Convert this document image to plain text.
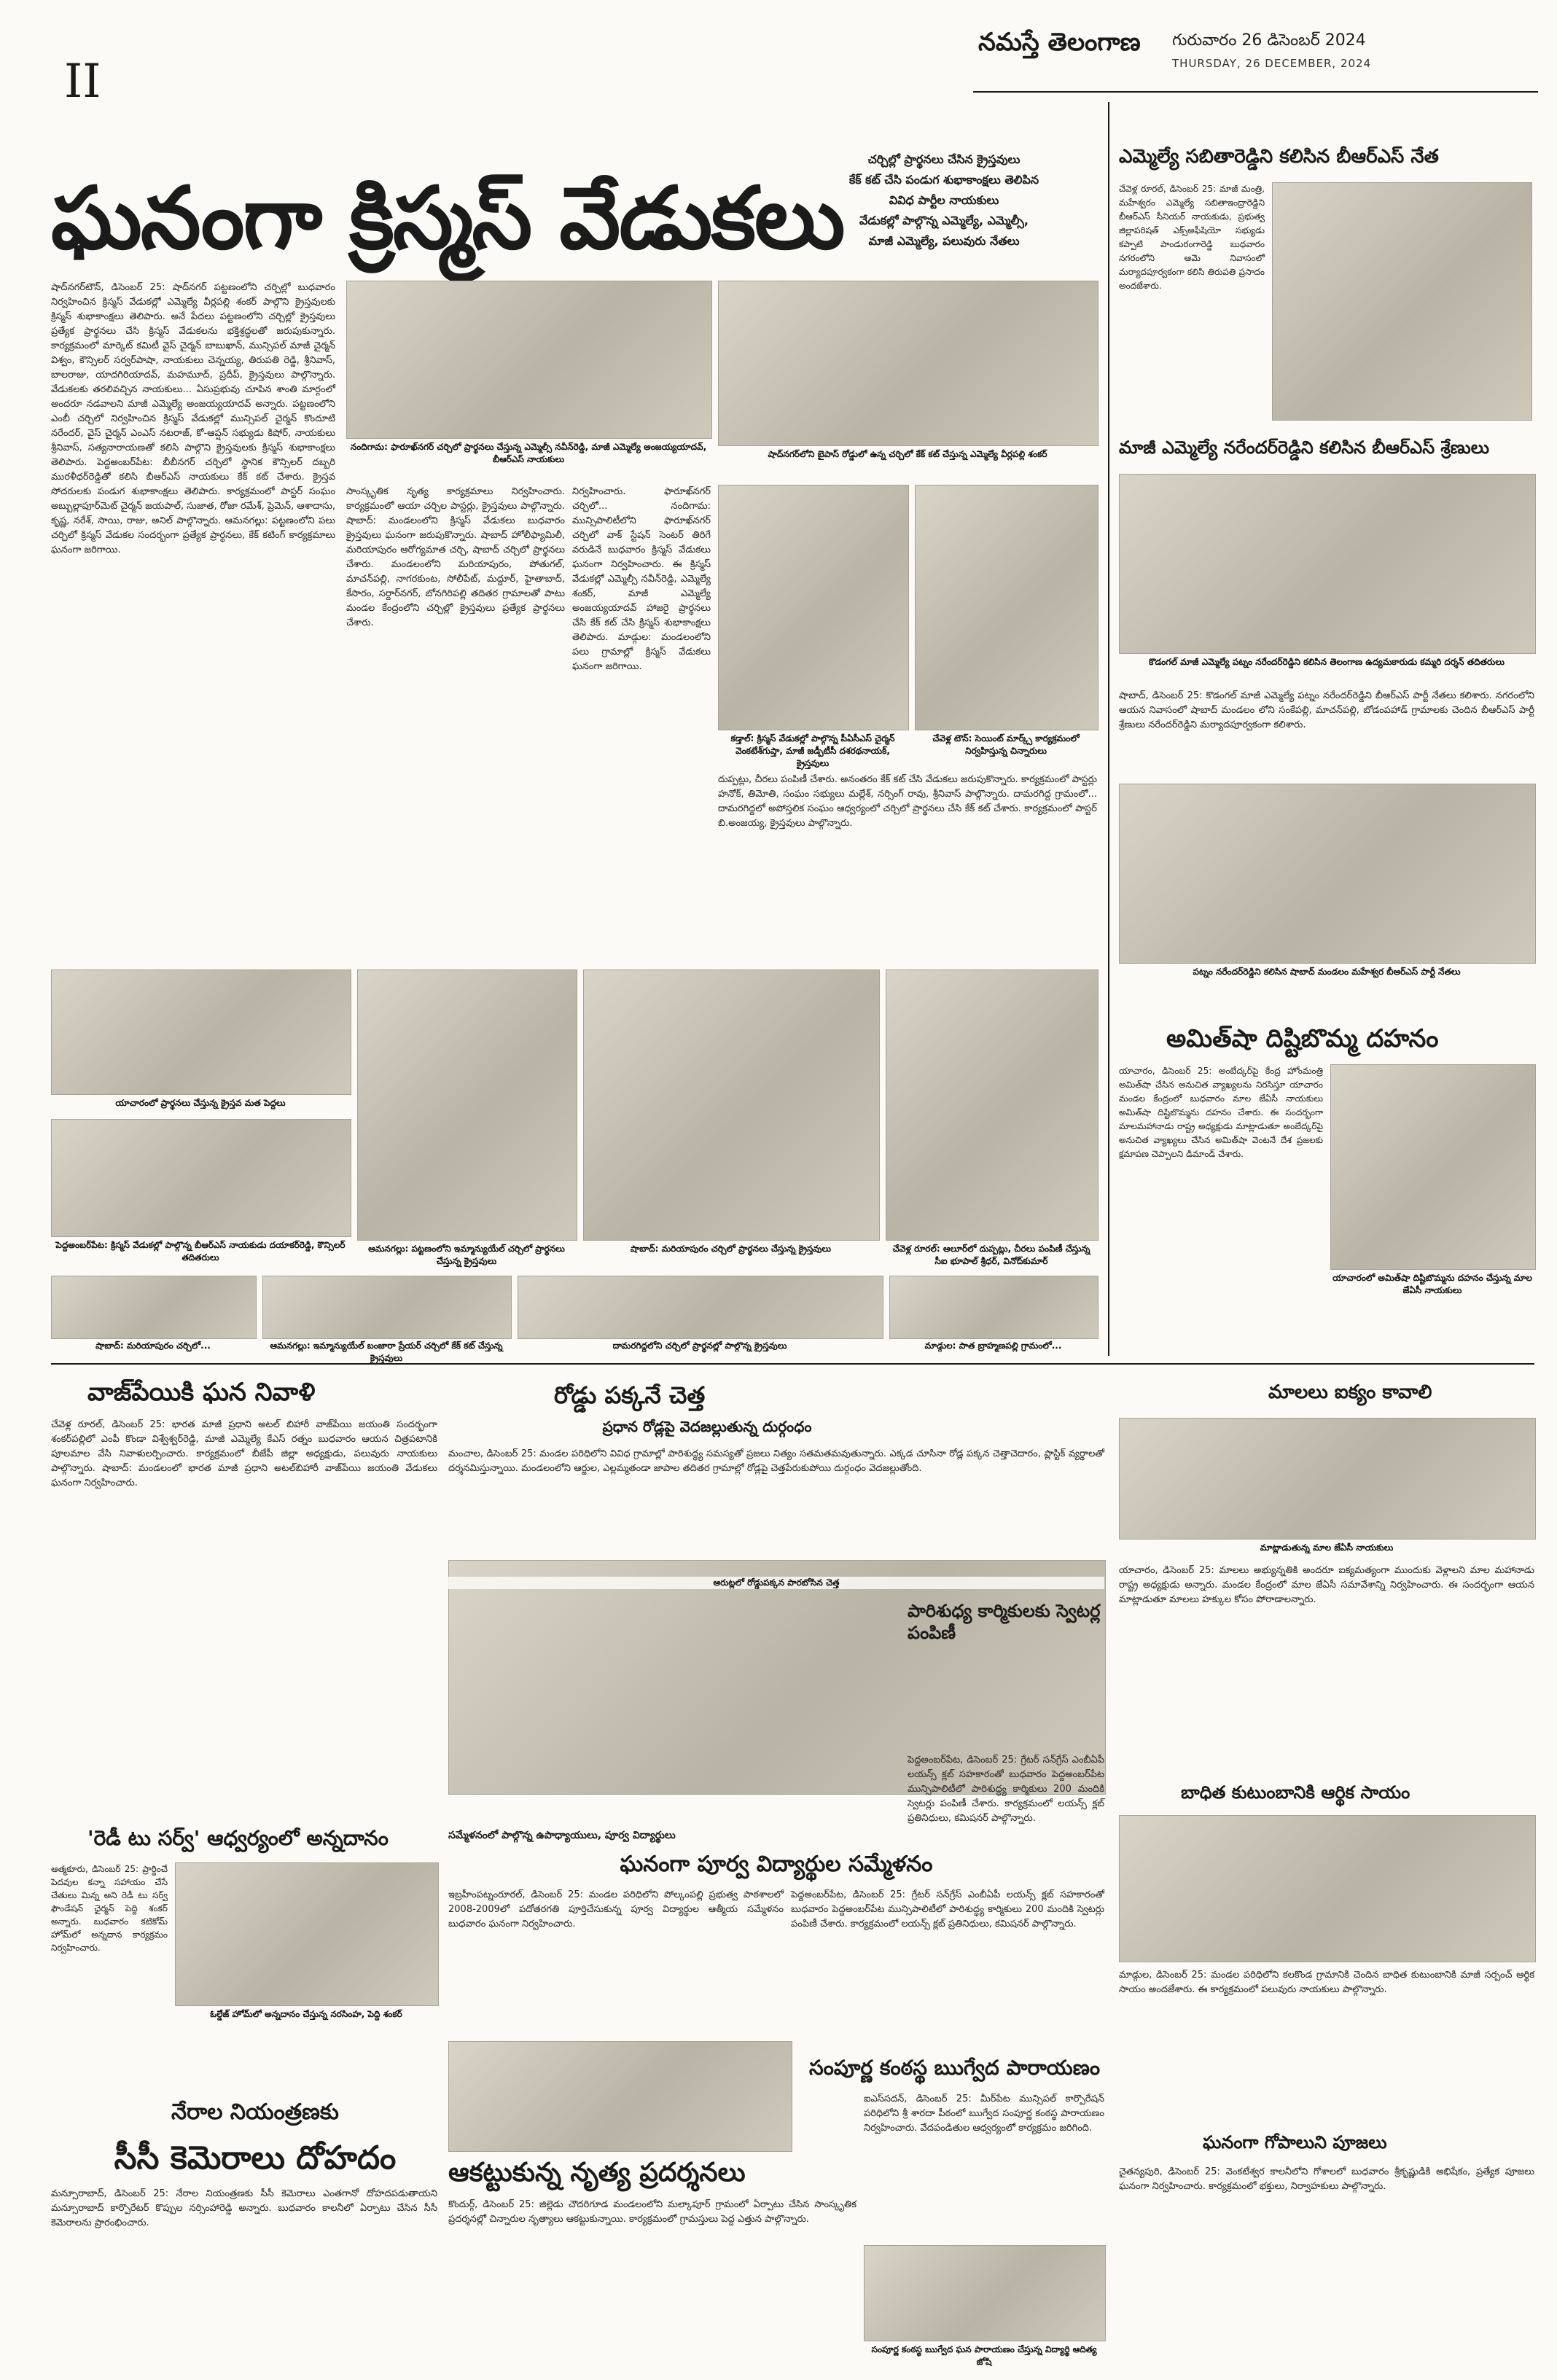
II
నమస్తే తెలంగాణ గురువారం 26 డిసెంబర్ 2024
THURSDAY, 26 DECEMBER, 2024
ఘనంగా క్రిస్మస్ వేడుకలు
చర్చిల్లో ప్రార్థనలు చేసిన క్రైస్తవులు
కేక్ కట్ చేసి పండుగ శుభాకాంక్షలు తెలిపిన
వివిధ పార్టీల నాయకులు
వేడుకల్లో పాల్గొన్న ఎమ్మెల్యే, ఎమ్మెల్సీ,
మాజీ ఎమ్మెల్యే, పలువురు నేతలు
షాద్‌నగర్‌టౌన్, డిసెంబర్ 25: షాద్‌నగర్ పట్టణంలోని చర్చిల్లో బుధవారం నిర్వహించిన క్రిస్మస్ వేడుకల్లో ఎమ్మెల్యే వీర్లపల్లి శంకర్ పాల్గొని క్రైస్తవులకు క్రిస్మస్ శుభాకాంక్షలు తెలిపారు. అనే పేదలు పట్టణంలోని చర్చిల్లో క్రైస్తవులు ప్రత్యేక ప్రార్థనలు చేసి క్రిస్మస్ వేడుకలను భక్తిశ్రద్ధలతో జరుపుకున్నారు. కార్యక్రమంలో మార్కెట్ కమిటీ వైస్ చైర్మన్ బాబుఖాన్, మున్సిపల్ మాజీ చైర్మన్ విశ్వం, కౌన్సిలర్ సర్వర్‌పాషా, నాయకులు చెన్నయ్య, తిరుపతి రెడ్డి, శ్రీనివాస్, బాలరాజు, యాదగిరియాదవ్, మహమూద్, ప్రదీప్, క్రైస్తవులు పాల్గొన్నారు. వేడుకలకు తరలివచ్చిన నాయకులు... ఏసుప్రభువు చూపిన శాంతి మార్గంలో అందరూ నడవాలని మాజీ ఎమ్మెల్యే అంజయ్యయాదవ్ అన్నారు. పట్టణంలోని ఎంబీ చర్చిలో నిర్వహించిన క్రిస్మస్ వేడుకల్లో మున్సిపల్ చైర్మన్ కొందూటి నరేందర్, వైస్ చైర్మన్ ఎంఎస్ నటరాజ్, కో-ఆప్షన్ సభ్యుడు కిషోర్, నాయకులు శ్రీనివాస్, సత్యనారాయణతో కలిసి పాల్గొని క్రైస్తవులకు క్రిస్మస్ శుభాకాంక్షలు తెలిపారు. పెద్దఅంబర్‌పేట: బీబీనగర్ చర్చిలో స్థానిక కౌన్సిలర్ దబ్బరి మురళీధర్‌రెడ్డితో కలిసి బీఆర్‌ఎస్ నాయకులు కేక్ కట్ చేశారు. క్రైస్తవ సోదరులకు పండుగ శుభాకాంక్షలు తెలిపారు. కార్యక్రమంలో పాస్టర్ సంఘం అబ్బుల్లాపూర్‌మెట్ చైర్మన్ జయపాల్, సుజాత, రోజా రమేశ్, ప్రెమెన్, ఆశాదాసు, కృష్ణ, నరేశ్, సాయి, రాజు, అనిల్ పాల్గొన్నారు. ఆమనగల్లు: పట్టణంలోని పలు చర్చిలో క్రిస్మస్ వేడుకల సందర్భంగా ప్రత్యేక ప్రార్థనలు, కేక్ కటింగ్ కార్యక్రమాలు ఘనంగా జరిగాయి.
నందిగామ: ఫారూఖ్‌నగర్ చర్చిలో ప్రార్థనలు చేస్తున్న ఎమ్మెల్సీ నవీన్‌రెడ్డి, మాజీ ఎమ్మెల్యే అంజయ్యయాదవ్, బీఆర్‌ఎస్ నాయకులు	షాద్‌నగర్‌లోని బైపాస్ రోడ్డులో ఉన్న చర్చిలో కేక్ కట్ చేస్తున్న ఎమ్మెల్యే వీర్లపల్లి శంకర్
సాంస్కృతిక నృత్య కార్యక్రమాలు నిర్వహించారు. కార్యక్రమంలో ఆయా చర్చిల పాస్టర్లు, క్రైస్తవులు పాల్గొన్నారు. షాబాద్: మండలంలోని క్రిస్మస్ వేడుకలు బుధవారం క్రైస్తవులు ఘనంగా జరుపుకొన్నారు. షాబాద్ హోలీఫ్యామిలీ, మరియాపురం ఆరోగ్యమాత చర్చి, షాబాద్ చర్చిలో ప్రార్థనలు చేశారు. మండలంలోని మరియాపురం, పోతుగల్, మాచన్‌పల్లి, నాగరకుంట, సోలీపేట్, మద్దూర్, హైతాబాద్, కేసారం, సర్దార్‌నగర్, బోనగిరిపల్లి తదితర గ్రామాలతో పాటు మండల కేంద్రంలోని చర్చిల్లో క్రైస్తవులు ప్రత్యేక ప్రార్థనలు చేశారు.
నిర్వహించారు. ఫారూఖ్‌నగర్ చర్చిలో... నందిగామ: మున్సిపాలిటీలోని ఫారూఖ్‌నగర్ చర్చిలో వాక్ స్టేషన్ సెంటర్‌ తిరిగే వరుడినే బుధవారం క్రిస్మస్ వేడుకలు ఘనంగా నిర్వహించారు. ఈ క్రిస్మస్ వేడుకల్లో ఎమ్మెల్సీ నవీన్‌రెడ్డి, ఎమ్మెల్యే శంకర్, మాజీ ఎమ్మెల్యే అంజయ్యయాదవ్ హాజరై ప్రార్థనలు చేసి కేక్ కట్ చేసి క్రిస్మస్ శుభాకాంక్షలు తెలిపారు. మాడ్గుల: మండలంలోని పలు గ్రామాల్లో క్రిస్మస్ వేడుకలు ఘనంగా జరిగాయి.
కడ్తాల్: క్రిస్మస్ వేడుకల్లో పాల్గొన్న పీఏసీఎస్ చైర్మన్ వెంకటేశ్‌గుప్తా, మాజీ జడ్పీటీసీ దశరథనాయక్, క్రైస్తవులు
చేవెళ్ల టౌన్: సెయింట్ మార్క్స్ కార్యక్రమంలో నిర్వహిస్తున్న చిన్నారులు
దుప్పట్లు, చీరలు పంపిణీ చేశారు. అనంతరం కేక్ కట్ చేసి వేడుకలు జరుపుకొన్నారు. కార్యక్రమంలో పాస్టర్లు హనోక్, తిమోతి, సంఘం సభ్యులు మల్లేశ్, నర్సింగ్ రావు, శ్రీనివాస్ పాల్గొన్నారు. దామరగిద్ద గ్రామంలో... దామరగిద్దలో అపోస్తలిక సంఘం ఆధ్వర్యంలో చర్చిలో ప్రార్థనలు చేసి కేక్ కట్ చేశారు. కార్యక్రమంలో పాస్టర్ బి.అంజయ్య, క్రైస్తవులు పాల్గొన్నారు.
యాచారంలో ప్రార్థనలు చేస్తున్న క్రైస్తవ మత పెద్దలు
పెద్దఅంబర్‌పేట: క్రిస్మస్ వేడుకల్లో పాల్గొన్న బీఆర్‌ఎస్ నాయకుడు దయాకర్‌రెడ్డి, కౌన్సిలర్ తదితరులు
ఆమనగల్లు: పట్టణంలోని ఇమ్మాన్యుయేల్ చర్చిలో ప్రార్థనలు చేస్తున్న క్రైస్తవులు
షాబాద్: మరియాపురం చర్చిలో ప్రార్థనలు చేస్తున్న క్రైస్తవులు	చేవెళ్ల రూరల్: ఆలూర్‌లో దుప్పట్లు, చీరలు పంపిణీ చేస్తున్న సీఐ భూపాల్ శ్రీధర్, వినోద్‌కుమార్
షాబాద్: మరియాపురం చర్చిలో...	ఆమనగల్లు: ఇమ్మాన్యుయేల్ బంజారా ప్రేయర్ చర్చిలో కేక్ కట్ చేస్తున్న క్రైస్తవులు
దామరగిద్దలోని చర్చిలో ప్రార్థనల్లో పాల్గొన్న క్రైస్తవులు	మాడ్గుల: పాత బ్రాహ్మణపల్లి గ్రామంలో...
ఎమ్మెల్యే సబితారెడ్డిని కలిసిన బీఆర్‌ఎస్ నేత
చేవెళ్ల రూరల్, డిసెంబర్ 25: మాజీ మంత్రి, మహేశ్వరం ఎమ్మెల్యే సబితాఇంద్రారెడ్డిని బీఆర్‌ఎస్ సీనియర్ నాయకుడు, ప్రభుత్వ జిల్లాపరిషత్ ఎక్స్‌అఫీషియో సభ్యుడు కప్పాటి పాండురంగారెడ్డి బుధవారం నగరంలోని ఆమె నివాసంలో మర్యాదపూర్వకంగా కలిసి తిరుపతి ప్రసాదం అందజేశారు.
మాజీ ఎమ్మెల్యే నరేందర్‌రెడ్డిని కలిసిన బీఆర్‌ఎస్ శ్రేణులు
కొడంగల్ మాజీ ఎమ్మెల్యే పట్నం నరేందర్‌రెడ్డిని కలిసిన తెలంగాణ ఉద్యమకారుడు కమ్మరి దర్శన్ తదితరులు
షాబాద్, డిసెంబర్ 25: కొడంగల్ మాజీ ఎమ్మెల్యే పట్నం నరేందర్‌రెడ్డిని బీఆర్‌ఎస్ పార్టీ నేతలు కలిశారు. నగరంలోని ఆయన నివాసంలో షాబాద్ మండలం లోని సంకేపల్లి, మాచన్‌పల్లి, బోడంపహాడ్ గ్రామాలకు చెందిన బీఆర్‌ఎస్ పార్టీ శ్రేణులు నరేందర్‌రెడ్డిని మర్యాదపూర్వకంగా కలిశారు.
పట్నం నరేందర్‌రెడ్డిని కలిసిన షాబాద్ మండలం మహేశ్వర బీఆర్‌ఎస్ పార్టీ నేతలు
అమిత్‌షా దిష్టిబొమ్మ దహనం
యాచారం, డిసెంబర్ 25: అంబేద్కర్‌పై కేంద్ర హోంమంత్రి అమిత్‌షా చేసిన అనుచిత వ్యాఖ్యలను నిరసిస్తూ యాచారం మండల కేంద్రంలో బుధవారం మాల జేఏసీ నాయకులు అమిత్‌షా దిష్టిబొమ్మను దహనం చేశారు. ఈ సందర్భంగా మాలమహానాడు రాష్ట్ర అధ్యక్షుడు మాట్లాడుతూ అంబేద్కర్‌పై అనుచిత వ్యాఖ్యలు చేసిన అమిత్‌షా వెంటనే దేశ ప్రజలకు క్షమాపణ చెప్పాలని డిమాండ్ చేశారు.
యాచారంలో అమిత్‌షా దిష్టిబొమ్మను దహనం చేస్తున్న మాల జేఏసీ నాయకులు
వాజ్‌పేయికి ఘన నివాళి
చేవెళ్ల రూరల్, డిసెంబర్ 25: భారత మాజీ ప్రధాని అటల్ బిహారీ వాజ్‌పేయి జయంతి సందర్భంగా శంకర్‌పల్లిలో ఎంపీ కొండా విశ్వేశ్వర్‌రెడ్డి, మాజీ ఎమ్మెల్యే కేఎస్ రత్నం బుధవారం ఆయన చిత్రపటానికి పూలమాల వేసి నివాళులర్పించారు. కార్యక్రమంలో బీజేపీ జిల్లా అధ్యక్షుడు, పలువురు నాయకులు పాల్గొన్నారు. షాబాద్: మండలంలో భారత మాజీ ప్రధాని అటల్‌బిహారీ వాజ్‌పేయి జయంతి వేడుకలు ఘనంగా నిర్వహించారు.
రోడ్డు పక్కనే చెత్త
ప్రధాన రోడ్లపై వెదజల్లుతున్న దుర్గంధం
మంచాల, డిసెంబర్ 25: మండల పరిధిలోని వివిధ గ్రామాల్లో పారిశుద్ధ్య సమస్యతో ప్రజలు నిత్యం సతమతమవుతున్నారు. ఎక్కడ చూసినా రోడ్ల పక్కన చెత్తాచెదారం, ప్లాస్టిక్ వ్యర్థాలతో దర్శనమిస్తున్నాయి. మండలంలోని ఆర్జుల, ఎల్లమ్మతండా జాపాల తదితర గ్రామాల్లో రోడ్లపై చెత్తపేరుకుపోయి దుర్గంధం వెదజల్లుతోంది.
ఆరుట్లలో రోడ్డుపక్కన పారబోసిన చెత్త
పారిశుధ్య కార్మికులకు స్వెటర్ల పంపిణీ
పెద్దఅంబర్‌పేట, డిసెంబర్ 25: గ్రేటర్ సన్‌గ్రేస్ ఎంబీఏపీ లయన్స్ క్లబ్ సహకారంతో బుధవారం పెద్దఅంబర్‌పేట మున్సిపాలిటీలో పారిశుద్ధ్య కార్మికులు 200 మందికి స్వెటర్లు పంపిణీ చేశారు. కార్యక్రమంలో లయన్స్ క్లబ్ ప్రతినిధులు, కమిషనర్ పాల్గొన్నారు.
మాలలు ఐక్యం కావాలి
మాట్లాడుతున్న మాల జేఏసీ నాయకులు
యాచారం, డిసెంబర్ 25: మాలలు అభ్యున్నతికి అందరూ ఐక్యమత్యంగా ముందుకు వెళ్లాలని మాల మహానాడు రాష్ట్ర అధ్యక్షుడు అన్నారు. మండల కేంద్రంలో మాల జేఏసీ సమావేశాన్ని నిర్వహించారు. ఈ సందర్భంగా ఆయన మాట్లాడుతూ మాలలు హక్కుల కోసం పోరాడాలన్నారు.
బాధిత కుటుంబానికి ఆర్థిక సాయం
మాడ్గుల, డిసెంబర్ 25: మండల పరిధిలోని కలకొండ గ్రామానికి చెందిన బాధిత కుటుంబానికి మాజీ సర్పంచ్ ఆర్థిక సాయం అందజేశారు. ఈ కార్యక్రమంలో పలువురు నాయకులు పాల్గొన్నారు.
'రెడీ టు సర్వ్' ఆధ్వర్యంలో అన్నదానం
ఆత్మకూరు, డిసెంబర్ 25: ప్రార్థించే పెదవుల కన్నా సహాయం చేసే చేతులు మిన్న అని రెడీ టు సర్వ్ ఫౌండేషన్ ఛైర్మన్ పెద్ది శంకర్ అన్నారు. బుధవారం కటికోమ్‌ హోమ్‌లో అన్నదాన కార్యక్రమం నిర్వహించారు.
ఓల్డేజ్ హోమ్‌లో అన్నదానం చేస్తున్న నరసింహ, పెద్ది శంకర్
సమ్మేళనంలో పాల్గొన్న ఉపాధ్యాయులు, పూర్వ విద్యార్థులు
ఘనంగా పూర్వ విద్యార్థుల సమ్మేళనం
ఇబ్రహీంపట్నంరూరల్, డిసెంబర్ 25: మండల పరిధిలోని పోల్కంపల్లి ప్రభుత్వ పాఠశాలలో 2008-2009లో పదోతరగతి పూర్తిచేసుకున్న పూర్వ విద్యార్థుల ఆత్మీయ సమ్మేళనం బుధవారం ఘనంగా నిర్వహించారు.
పెద్దఅంబర్‌పేట, డిసెంబర్ 25: గ్రేటర్ సన్‌గ్రేస్ ఎంబీఏపీ లయన్స్ క్లబ్ సహకారంతో బుధవారం పెద్దఅంబర్‌పేట మున్సిపాలిటీలో పారిశుద్ధ్య కార్మికులు 200 మందికి స్వెటర్లు పంపిణీ చేశారు. కార్యక్రమంలో లయన్స్ క్లబ్ ప్రతినిధులు, కమిషనర్ పాల్గొన్నారు.
నేరాల నియంత్రణకు
సీసీ కెమెరాలు దోహదం
మన్సూరాబాద్, డిసెంబర్ 25: నేరాల నియంత్రణకు సీసీ కెమెరాలు ఎంతగానో దోహదపడుతాయని మన్సూరాబాద్ కార్పొరేటర్ కొప్పుల నర్సింహారెడ్డి అన్నారు. బుధవారం కాలనీలో ఏర్పాటు చేసిన సీసీ కెమెరాలను ప్రారంభించారు.
ఆకట్టుకున్న నృత్య ప్రదర్శనలు
కొందుర్గ్, డిసెంబర్ 25: జిల్లెడు చౌదరిగూడ మండలంలోని మల్కాపూర్ గ్రామంలో ఏర్పాటు చేసిన సాంస్కృతిక ప్రదర్శనల్లో చిన్నారుల నృత్యాలు ఆకట్టుకున్నాయి. కార్యక్రమంలో గ్రామస్తులు పెద్ద ఎత్తున పాల్గొన్నారు.
సంపూర్ణ కంఠస్థ ఋగ్వేద పారాయణం
ఐఎస్‌సదన్, డిసెంబర్ 25: మీర్‌పేట మున్సిపల్ కార్పొరేషన్ పరిధిలోని శ్రీ శారదా పీఠంలో ఋగ్వేద సంపూర్ణ కంఠస్థ పారాయణం నిర్వహించారు. వేదపండితుల ఆధ్వర్యంలో కార్యక్రమం జరిగింది.
సంపూర్ణ కంఠస్థ ఋగ్వేద ఘన పారాయణం చేస్తున్న విద్యార్థి ఆదిత్య జోషి
ఘనంగా గోపాలుని పూజలు
చైతన్యపురి, డిసెంబర్ 25: వెంకటేశ్వర కాలనీలోని గోశాలలో బుధవారం శ్రీకృష్ణుడికి అభిషేకం, ప్రత్యేక పూజలు ఘనంగా నిర్వహించారు. కార్యక్రమంలో భక్తులు, నిర్వాహకులు పాల్గొన్నారు.
